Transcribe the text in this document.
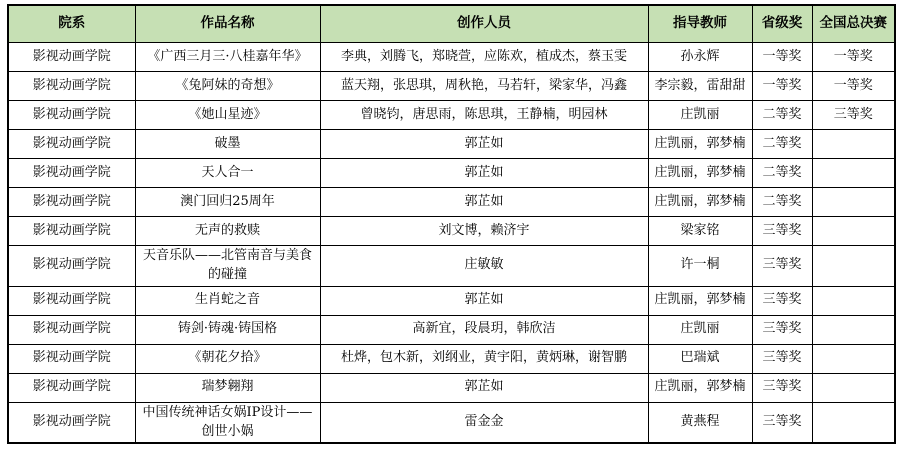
院系	作品名称	创作人员	指导教师	省级奖	全国总决赛
影视动画学院	《广西三月三·八桂嘉年华》	李典，刘腾飞，郑晓萱，应陈欢，植成杰，蔡玉雯	孙永辉	一等奖	一等奖
影视动画学院	《兔阿妹的奇想》	蓝天翔，张思琪，周秋艳，马若轩，梁家华，冯鑫	李宗毅，雷甜甜	一等奖	一等奖
影视动画学院	《她山星迹》	曾晓钧，唐思雨，陈思琪，王静楠，明园林	庄凯丽	二等奖	三等奖
影视动画学院	破墨	郭芷如	庄凯丽，郭梦楠	二等奖	
影视动画学院	天人合一	郭芷如	庄凯丽，郭梦楠	二等奖	
影视动画学院	澳门回归25周年	郭芷如	庄凯丽，郭梦楠	二等奖	
影视动画学院	无声的救赎	刘文博，赖济宇	梁家铭	三等奖	
影视动画学院	天音乐队——北管南音与美食的碰撞	庄敏敏	许一桐	三等奖	
影视动画学院	生肖蛇之音	郭芷如	庄凯丽，郭梦楠	三等奖	
影视动画学院	铸剑·铸魂·铸国格	高新宜，段晨玥，韩欣洁	庄凯丽	三等奖	
影视动画学院	《朝花夕拾》	杜烨，包木新，刘纲业，黄宇阳，黄炳琳，谢智鹏	巴瑞斌	三等奖	
影视动画学院	瑞梦翱翔	郭芷如	庄凯丽，郭梦楠	三等奖	
影视动画学院	中国传统神话女娲IP设计——创世小娲	雷金金	黄燕程	三等奖	
